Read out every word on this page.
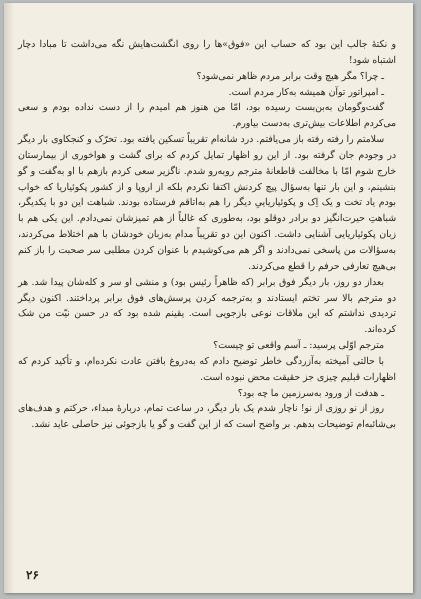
و نکتهٔ جالب این بود که حساب این «فوق»ها را روی انگشت‌هایش نگه می‌داشت تا مبادا دچار اشتباه شود!

ـ چرا؟ مگر هیچ وقت برابر مردم ظاهر نمی‌شود؟

ـ امپراتور توآن همیشه به‌کار مردم است.

گفت‌وگومان به‌بن‌بست رسیده بود، امّا من هنوز هم امیدم را از دست نداده بودم و سعی می‌کردم اطلاعات بیش‌تری به‌دست بیاورم.

سلامتم را رفته رفته باز می‌یافتم. درد شانه‌ام تقریباً تسکین یافته بود. تحرّک و کنجکاوی بار دیگر در وجودم جان گرفته بود. از این رو اظهار تمایل کردم که برای گشت و هواخوری از بیمارستان خارج شوم امّا با مخالفت قاطعانهٔ مترجم روبه‌رو شدم. ناگزیر سعی کردم بازهم با او به‌گفت و گو بنشینم، و این بار تنها به‌سؤال پیچ کردنش اکتفا نکردم بلکه از اروپا و از کشور پکوئیاریا که خواب بودم یاد تخت و یک اِک و پکوئیاریاییِ دیگر را هم به‌اتاقم فرستاده بودند. شباهت این دو با یکدیگر، شباهتِ حیرت‌انگیز دو برادر دوقلو بود، به‌طوری که غالباً از هم تمیزشان نمی‌دادم. این یکی هم با زبان پکوئیاریایی آشنایی داشت. اکنون این دو تقریباً مدام به‌زبان خودشان با هم اختلاط می‌کردند، به‌سؤالات من پاسخی نمی‌دادند و اگر هم می‌کوشیدم با عنوان کردن مطلبی سر صحبت را باز کنم بی‌هیچ تعارفی حرفم را قطع می‌کردند.

بعداز دو روز، بار دیگر فوق برابر (که ظاهراً رئیس بود) و منشی او سر و کله‌شان پیدا شد. هر دو مترجم بالا سر تختم ایستادند و به‌ترجمه کردن پرسش‌های فوق برابر پرداختند. اکنون دیگر تردیدی نداشتم که این ملاقات نوعی بازجویی است. یقینم شده بود که در حسن نیّت من شک کرده‌اند.

مترجم اوّلی پرسید: ـ آسم واقعی تو چیست؟

با حالتی آمیخته به‌آزردگی خاطر توضیح دادم که به‌دروغ بافتن عادت نکرده‌ام، و تأکید کردم که اظهارات قبلیم چیزی جز حقیقت محض نبوده است.

ـ هدفت از ورود به‌سرزمین ما چه بود؟

روز از نو روزی از نو! ناچار شدم یک بار دیگر، در ساعت تمام، دربارهٔ مبداء، حرکتم و هدف‌های بی‌شائبه‌ام توضیحات بدهم. بر واضح است که از این گفت و گو یا بازجوئی نیز حاصلی عاید نشد.

۲۶
